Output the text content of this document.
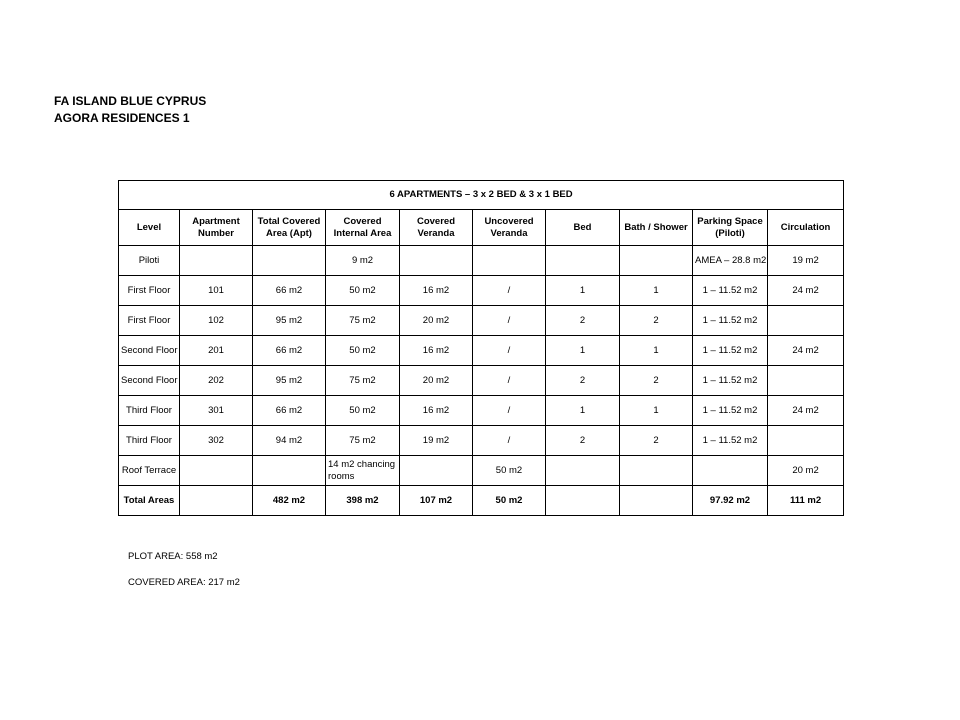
FA ISLAND BLUE CYPRUS
AGORA RESIDENCES 1
6 APARTMENTS – 3 x 2 BED & 3 x 1 BED									
Level	Apartment Number	Total Covered Area (Apt)	Covered Internal Area	Covered Veranda	Uncovered Veranda	Bed	Bath / Shower	Parking Space (Piloti)	Circulation
Piloti			9 m2					AMEA – 28.8 m2	19 m2
First Floor	101	66 m2	50 m2	16 m2	/	1	1	1 – 11.52 m2	24 m2
First Floor	102	95 m2	75 m2	20 m2	/	2	2	1 – 11.52 m2	
Second Floor	201	66 m2	50 m2	16 m2	/	1	1	1 – 11.52 m2	24 m2
Second Floor	202	95 m2	75 m2	20 m2	/	2	2	1 – 11.52 m2	
Third Floor	301	66 m2	50 m2	16 m2	/	1	1	1 – 11.52 m2	24 m2
Third Floor	302	94 m2	75 m2	19 m2	/	2	2	1 – 11.52 m2	
Roof Terrace			14 m2 chancing rooms		50 m2				20 m2
Total Areas		482 m2	398 m2	107 m2	50 m2			97.92 m2	111 m2
PLOT AREA: 558 m2
COVERED AREA: 217 m2
